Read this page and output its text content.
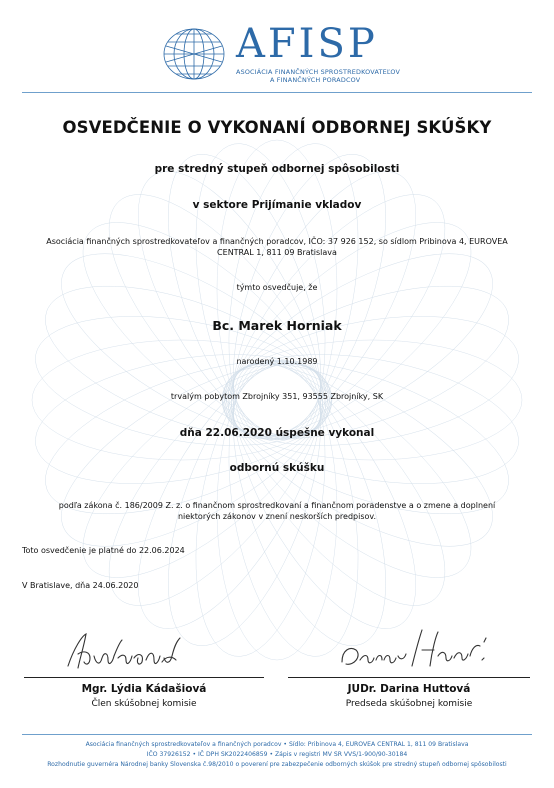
AFISP
ASOCIÁCIA FINANČNÝCH SPROSTREDKOVATEĽOV
A FINANČNÝCH PORADCOV
OSVEDČENIE O VYKONANÍ ODBORNEJ SKÚŠKY
pre stredný stupeň odbornej spôsobilosti
v sektore Prijímanie vkladov
Asociácia finančných sprostredkovateľov a finančných poradcov, IČO: 37 926 152, so sídlom Pribinova 4, EUROVEA
CENTRAL 1, 811 09 Bratislava
týmto osvedčuje, že
Bc. Marek Horniak
narodený 1.10.1989
trvalým pobytom Zbrojníky 351, 93555 Zbrojníky, SK
dňa 22.06.2020 úspešne vykonal
odbornú skúšku
podľa zákona č. 186/2009 Z. z. o finančnom sprostredkovaní a finančnom poradenstve a o zmene a doplnení
niektorých zákonov v znení neskorších predpisov.
Toto osvedčenie je platné do 22.06.2024
V Bratislave, dňa 24.06.2020
Mgr. Lýdia Kádašiová
Člen skúšobnej komisie
JUDr. Darina Huttová
Predseda skúšobnej komisie
Asociácia finančných sprostredkovateľov a finančných poradcov • Sídlo: Pribinova 4, EUROVEA CENTRAL 1, 811 09 Bratislava
IČO 37926152 • IČ DPH SK2022406859 • Zápis v registri MV SR VVS/1-900/90-30184
Rozhodnutie guvernéra Národnej banky Slovenska č.98/2010 o poverení pre zabezpečenie odborných skúšok pre stredný stupeň odbornej spôsobilosti
